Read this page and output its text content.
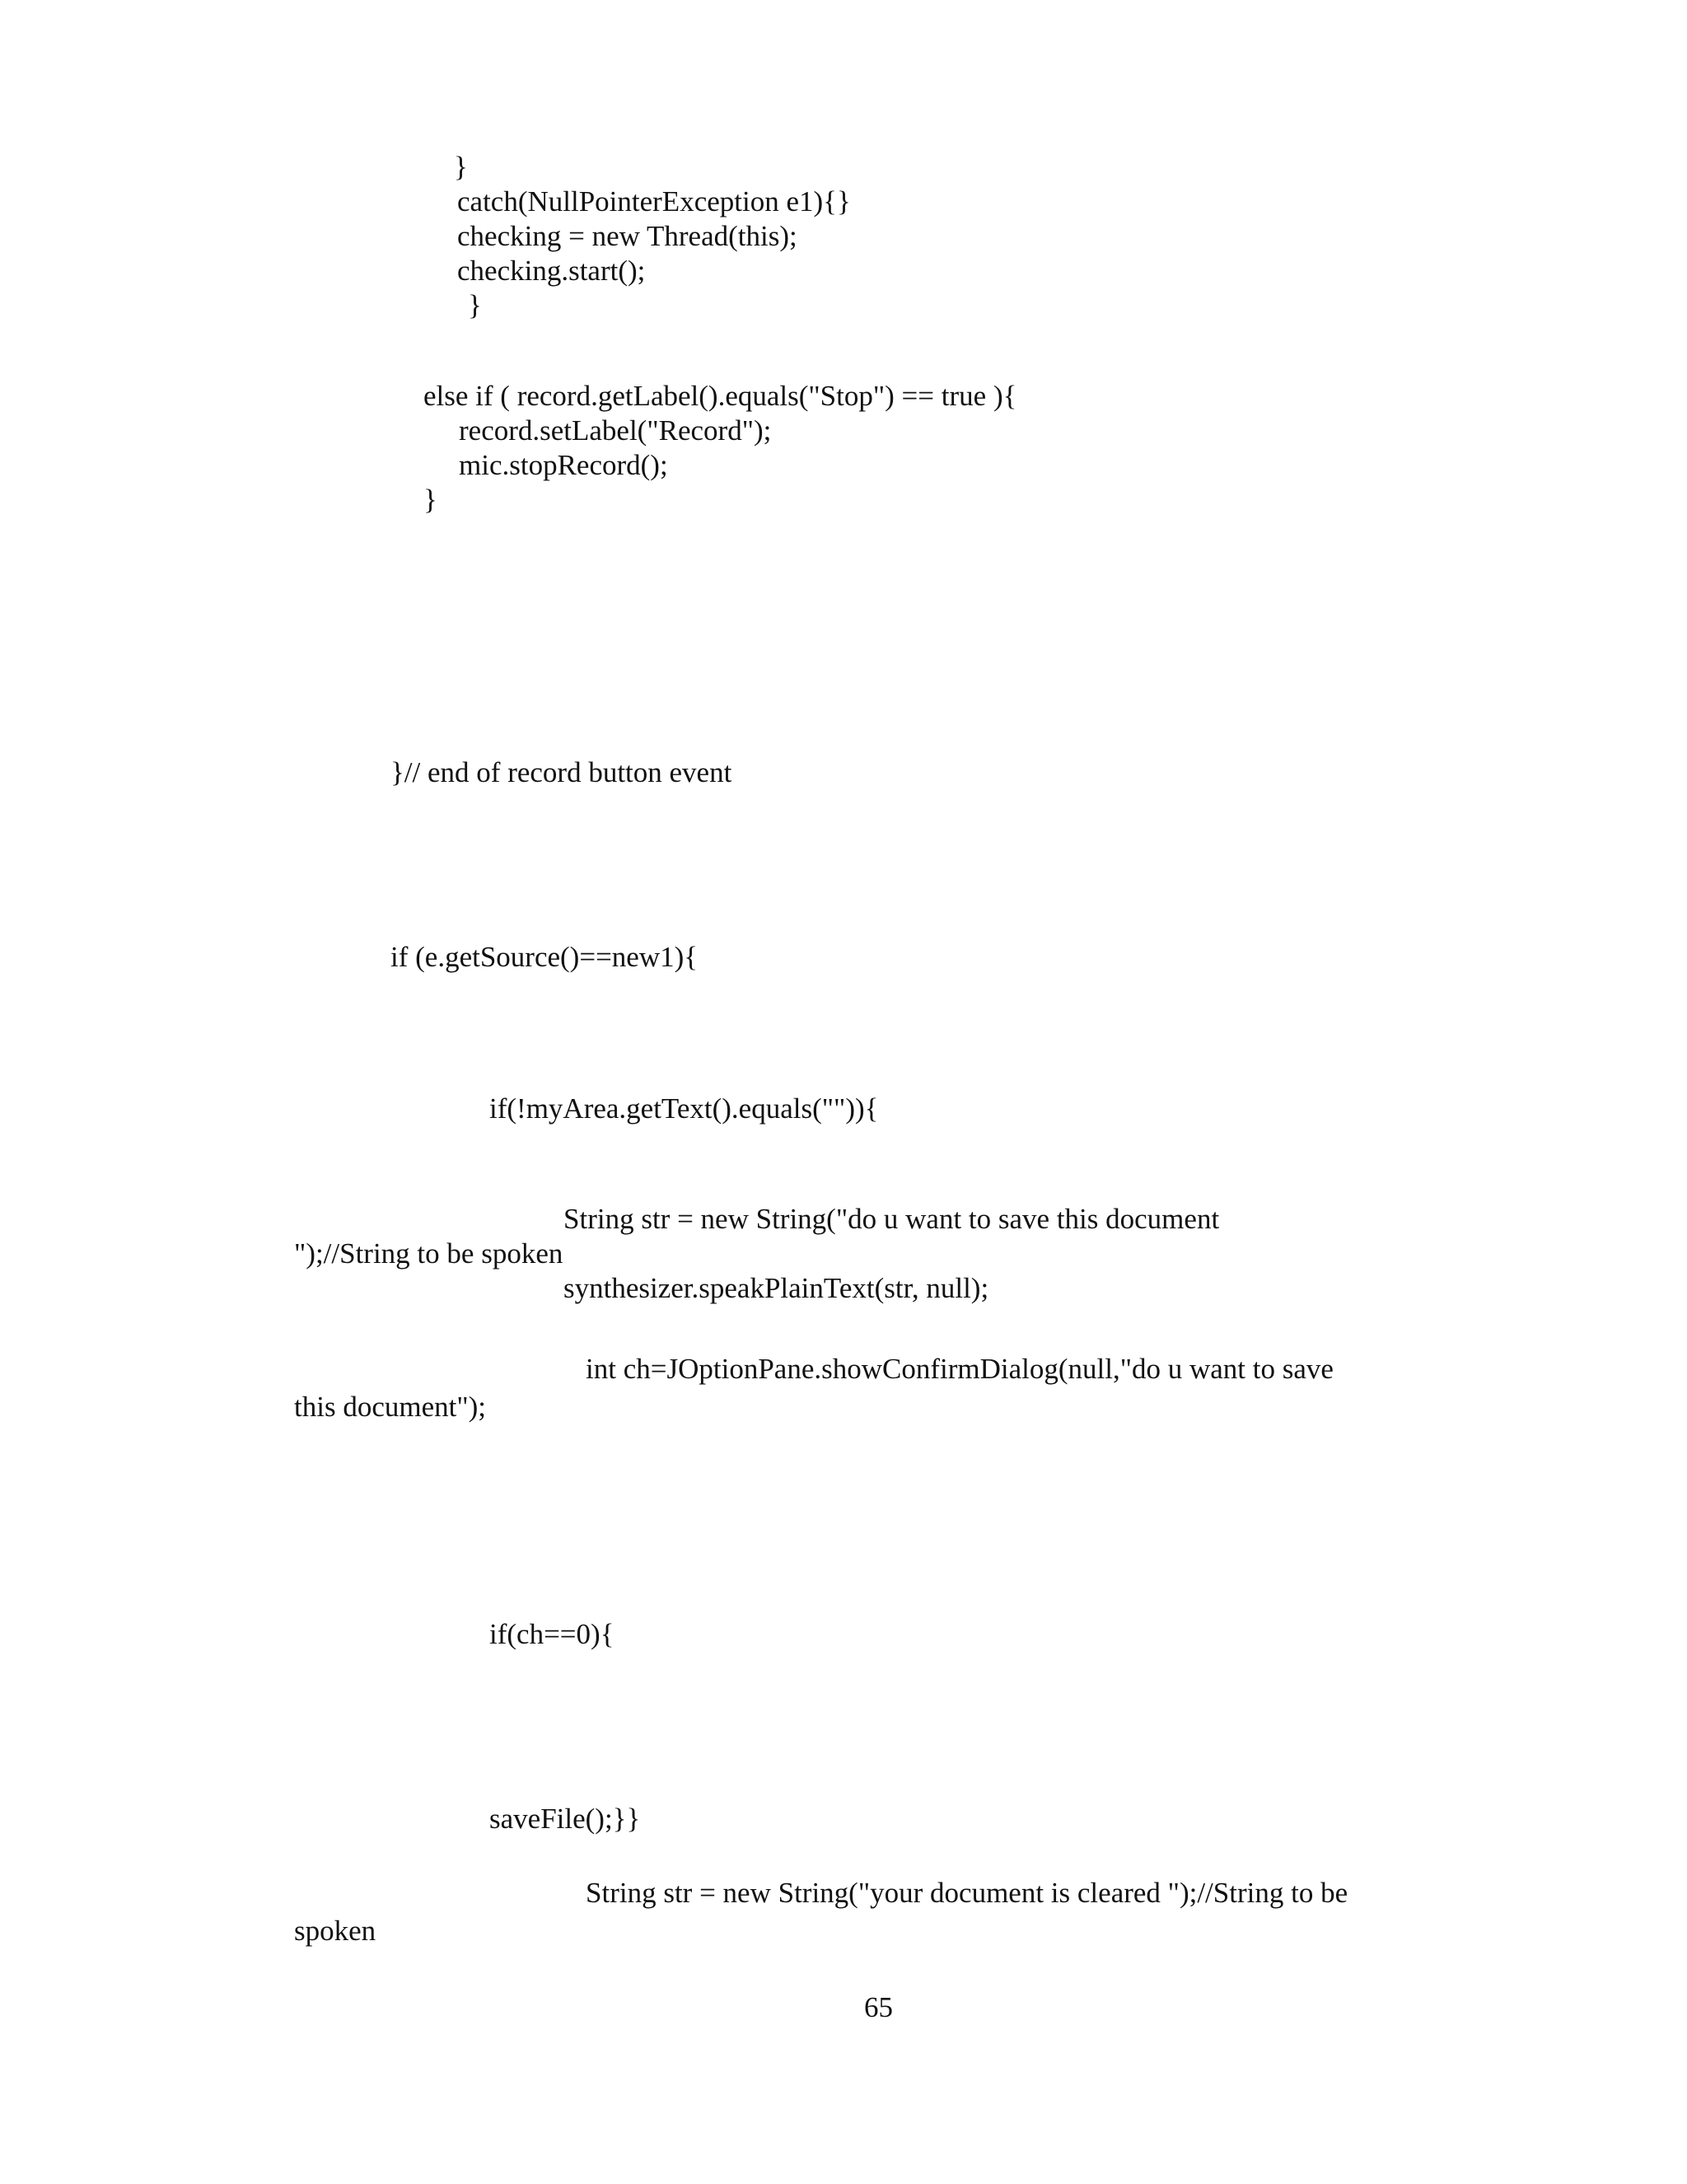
}
catch(NullPointerException e1){}
checking = new Thread(this);
checking.start();
}
else if ( record.getLabel().equals("Stop") == true ){
record.setLabel("Record");
mic.stopRecord();
}
}// end of record button event
if (e.getSource()==new1){
if(!myArea.getText().equals("")){
String str = new String("do u want to save this document
");//String to be spoken
synthesizer.speakPlainText(str, null);
int ch=JOptionPane.showConfirmDialog(null,"do u want to save
this document");
if(ch==0){
saveFile();}}
String str = new String("your document is cleared ");//String to be
spoken
65
